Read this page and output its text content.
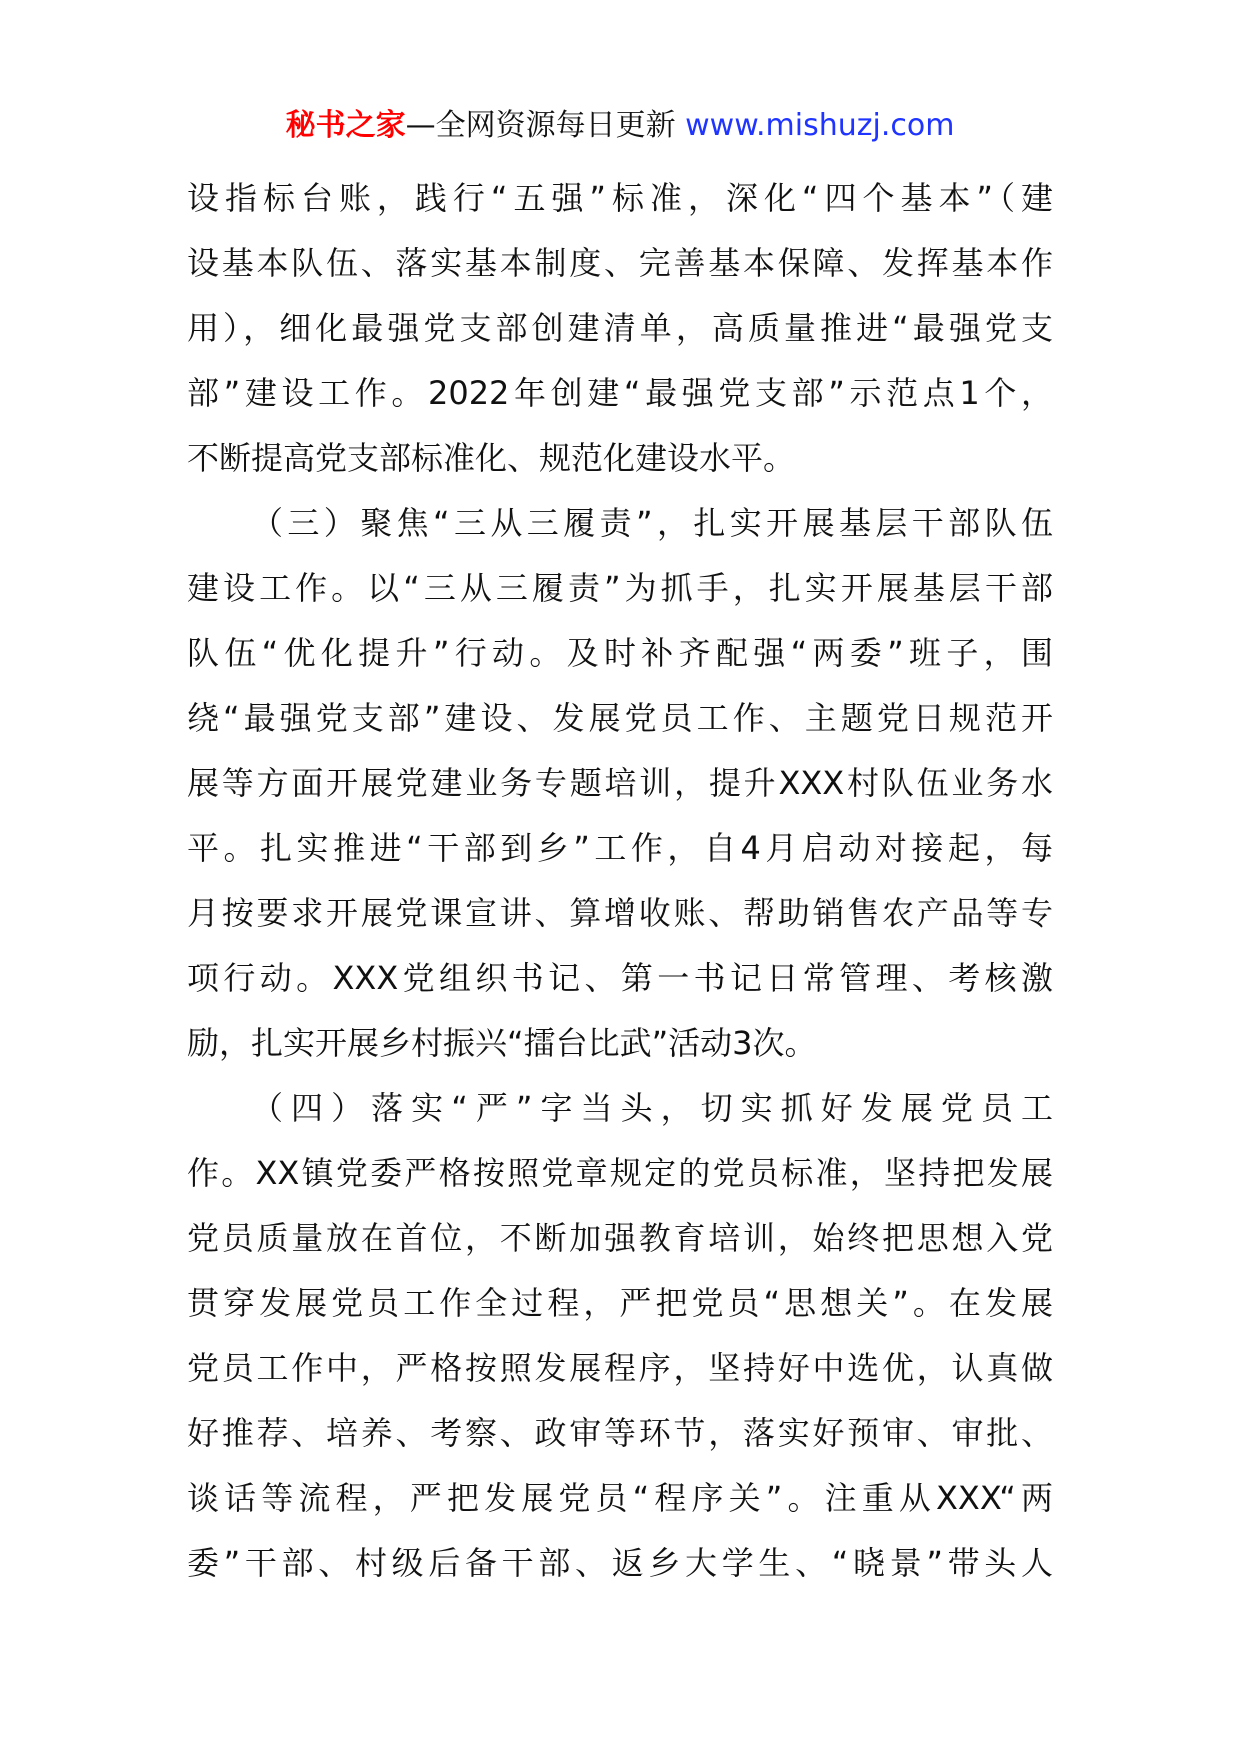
秘书之家—全网资源每日更新 www.mishuzj.com
设指标台账，践行“五强”标准，深化“四个基本”（建
设基本队伍、落实基本制度、完善基本保障、发挥基本作
用），细化最强党支部创建清单，高质量推进“最强党支
部”建设工作。2022年创建“最强党支部”示范点1个，
不断提高党支部标准化、规范化建设水平。
（三）聚焦“三从三履责”，扎实开展基层干部队伍
建设工作。以“三从三履责”为抓手，扎实开展基层干部
队伍“优化提升”行动。及时补齐配强“两委”班子，围
绕“最强党支部”建设、发展党员工作、主题党日规范开
展等方面开展党建业务专题培训，提升XXX村队伍业务水
平。扎实推进“干部到乡”工作，自4月启动对接起，每
月按要求开展党课宣讲、算增收账、帮助销售农产品等专
项行动。XXX党组织书记、第一书记日常管理、考核激
励，扎实开展乡村振兴“擂台比武”活动3次。
（四）落实“严”字当头，切实抓好发展党员工
作。XX镇党委严格按照党章规定的党员标准，坚持把发展
党员质量放在首位，不断加强教育培训，始终把思想入党
贯穿发展党员工作全过程，严把党员“思想关”。在发展
党员工作中，严格按照发展程序，坚持好中选优，认真做
好推荐、培养、考察、政审等环节，落实好预审、审批、
谈话等流程，严把发展党员“程序关”。注重从XXX“两
委”干部、村级后备干部、返乡大学生、“晓景”带头人
